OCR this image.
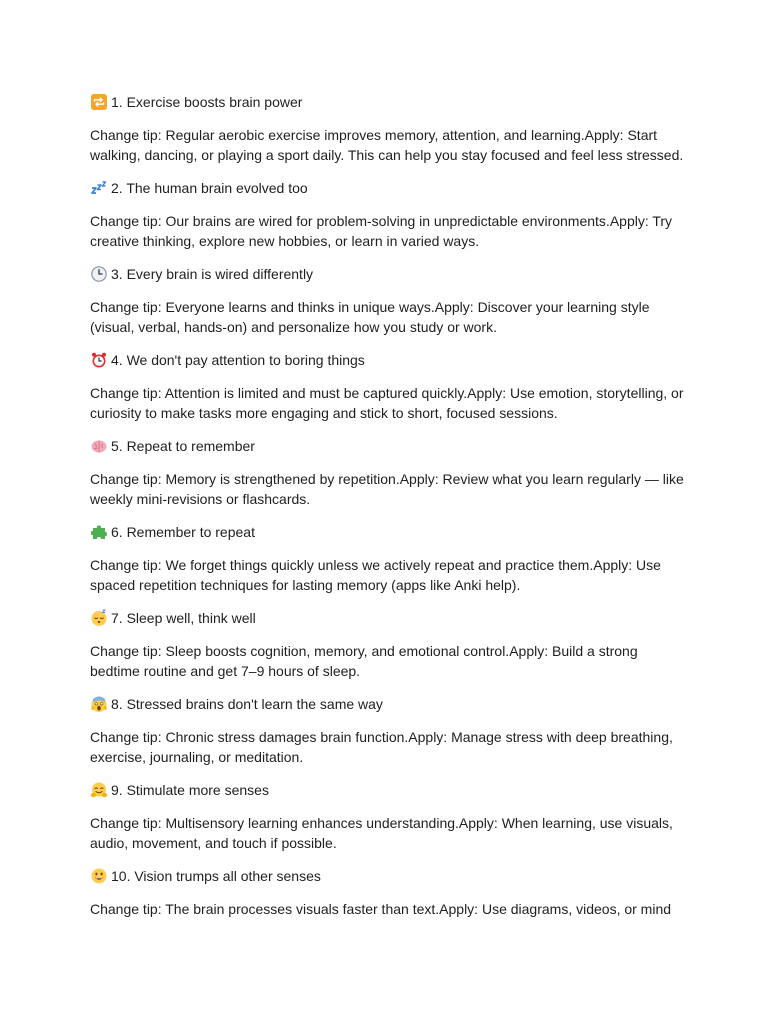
1. Exercise boosts brain power

Change tip: Regular aerobic exercise improves memory, attention, and learning.Apply: Start walking, dancing, or playing a sport daily. This can help you stay focused and feel less stressed.

2. The human brain evolved too

Change tip: Our brains are wired for problem-solving in unpredictable environments.Apply: Try creative thinking, explore new hobbies, or learn in varied ways.

3. Every brain is wired differently

Change tip: Everyone learns and thinks in unique ways.Apply: Discover your learning style (visual, verbal, hands-on) and personalize how you study or work.

4. We don't pay attention to boring things

Change tip: Attention is limited and must be captured quickly.Apply: Use emotion, storytelling, or curiosity to make tasks more engaging and stick to short, focused sessions.

5. Repeat to remember

Change tip: Memory is strengthened by repetition.Apply: Review what you learn regularly — like weekly mini-revisions or flashcards.

6. Remember to repeat

Change tip: We forget things quickly unless we actively repeat and practice them.Apply: Use spaced repetition techniques for lasting memory (apps like Anki help).

7. Sleep well, think well

Change tip: Sleep boosts cognition, memory, and emotional control.Apply: Build a strong bedtime routine and get 7–9 hours of sleep.

8. Stressed brains don't learn the same way

Change tip: Chronic stress damages brain function.Apply: Manage stress with deep breathing, exercise, journaling, or meditation.

9. Stimulate more senses

Change tip: Multisensory learning enhances understanding.Apply: When learning, use visuals, audio, movement, and touch if possible.

10. Vision trumps all other senses

Change tip: The brain processes visuals faster than text.Apply: Use diagrams, videos, or mind
